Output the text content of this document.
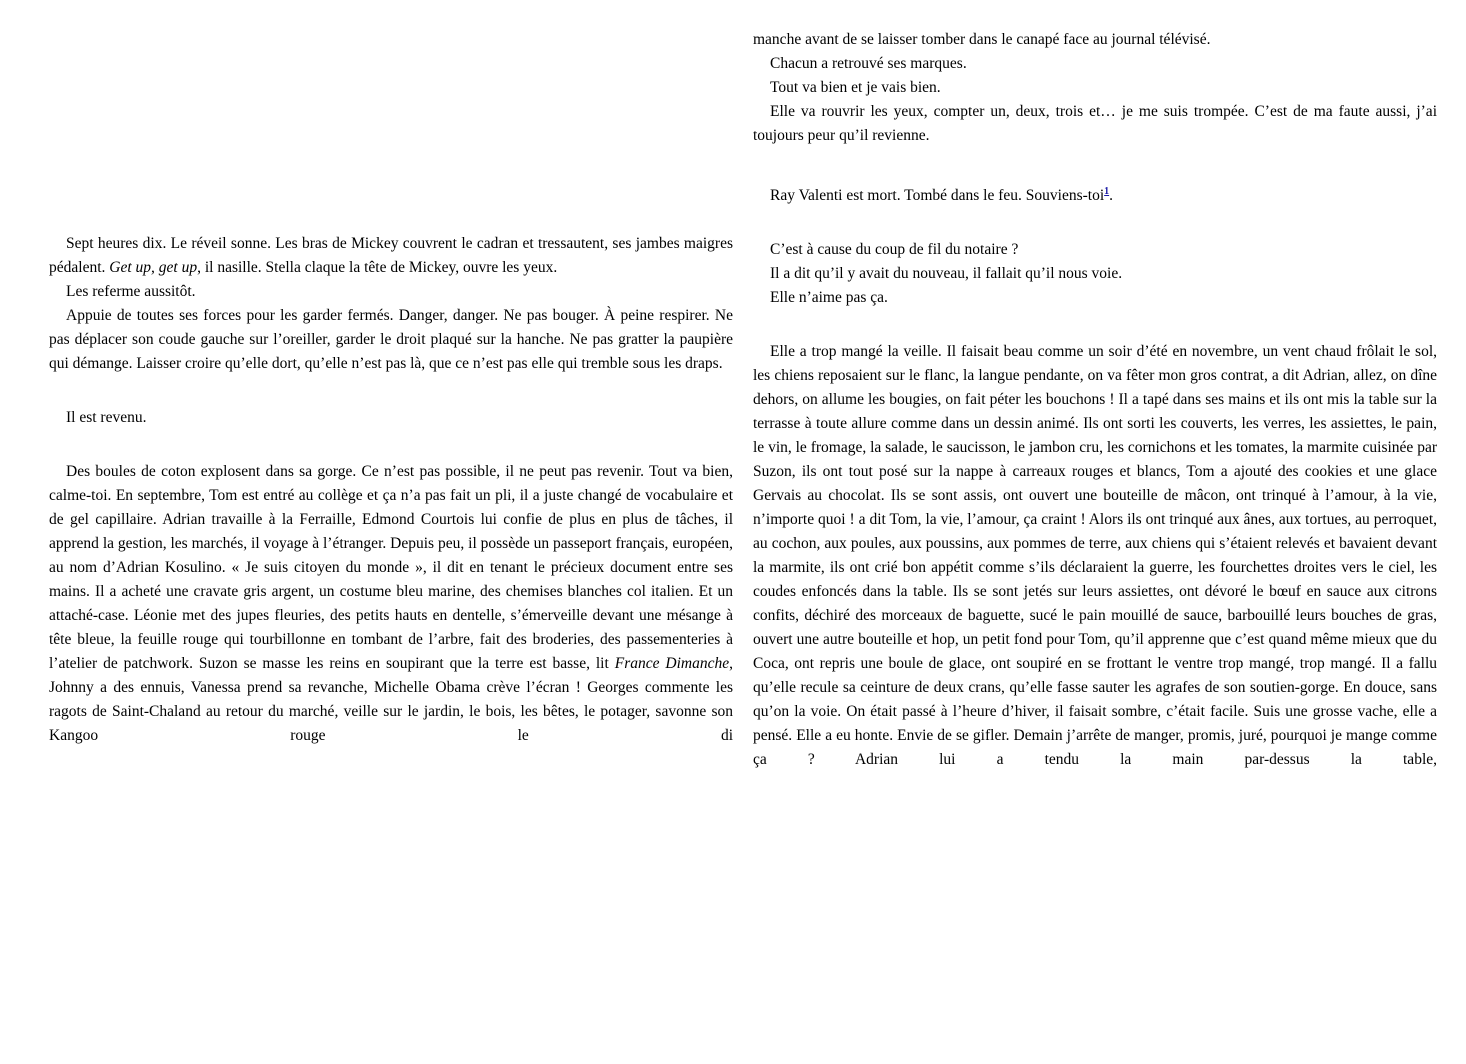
Sept heures dix. Le réveil sonne. Les bras de Mickey couvrent le cadran et tressautent, ses jambes maigres pédalent. Get up, get up, il nasille. Stella claque la tête de Mickey, ouvre les yeux.

Les referme aussitôt.

Appuie de toutes ses forces pour les garder fermés. Danger, danger. Ne pas bouger. À peine respirer. Ne pas déplacer son coude gauche sur l’oreiller, garder le droit plaqué sur la hanche. Ne pas gratter la paupière qui démange. Laisser croire qu’elle dort, qu’elle n’est pas là, que ce n’est pas elle qui tremble sous les draps.

Il est revenu.

Des boules de coton explosent dans sa gorge. Ce n’est pas possible, il ne peut pas revenir. Tout va bien, calme-toi. En septembre, Tom est entré au collège et ça n’a pas fait un pli, il a juste changé de vocabulaire et de gel capillaire. Adrian travaille à la Ferraille, Edmond Courtois lui confie de plus en plus de tâches, il apprend la gestion, les marchés, il voyage à l’étranger. Depuis peu, il possède un passeport français, européen, au nom d’Adrian Kosulino. « Je suis citoyen du monde », il dit en tenant le précieux document entre ses mains. Il a acheté une cravate gris argent, un costume bleu marine, des chemises blanches col italien. Et un attaché-case. Léonie met des jupes fleuries, des petits hauts en dentelle, s’émerveille devant une mésange à tête bleue, la feuille rouge qui tourbillonne en tombant de l’arbre, fait des broderies, des passementeries à l’atelier de patchwork. Suzon se masse les reins en soupirant que la terre est basse, lit France Dimanche, Johnny a des ennuis, Vanessa prend sa revanche, Michelle Obama crève l’écran ! Georges commente les ragots de Saint-Chaland au retour du marché, veille sur le jardin, le bois, les bêtes, le potager, savonne son Kangoo rouge le di

manche avant de se laisser tomber dans le canapé face au journal télévisé.

Chacun a retrouvé ses marques.

Tout va bien et je vais bien.

Elle va rouvrir les yeux, compter un, deux, trois et… je me suis trompée. C’est de ma faute aussi, j’ai toujours peur qu’il revienne.

Ray Valenti est mort. Tombé dans le feu. Souviens-toi$^1$.

C’est à cause du coup de fil du notaire ?

Il a dit qu’il y avait du nouveau, il fallait qu’il nous voie.

Elle n’aime pas ça.

Elle a trop mangé la veille. Il faisait beau comme un soir d’été en novembre, un vent chaud frôlait le sol, les chiens reposaient sur le flanc, la langue pendante, on va fêter mon gros contrat, a dit Adrian, allez, on dîne dehors, on allume les bougies, on fait péter les bouchons ! Il a tapé dans ses mains et ils ont mis la table sur la terrasse à toute allure comme dans un dessin animé. Ils ont sorti les couverts, les verres, les assiettes, le pain, le vin, le fromage, la salade, le saucisson, le jambon cru, les cornichons et les tomates, la marmite cuisinée par Suzon, ils ont tout posé sur la nappe à carreaux rouges et blancs, Tom a ajouté des cookies et une glace Gervais au chocolat. Ils se sont assis, ont ouvert une bouteille de mâcon, ont trinqué à l’amour, à la vie, n’importe quoi ! a dit Tom, la vie, l’amour, ça craint ! Alors ils ont trinqué aux ânes, aux tortues, au perroquet, au cochon, aux poules, aux poussins, aux pommes de terre, aux chiens qui s’étaient relevés et bavaient devant la marmite, ils ont crié bon appétit comme s’ils déclaraient la guerre, les fourchettes droites vers le ciel, les coudes enfoncés dans la table. Ils se sont jetés sur leurs assiettes, ont dévoré le bœuf en sauce aux citrons confits, déchiré des morceaux de baguette, sucé le pain mouillé de sauce, barbouillé leurs bouches de gras, ouvert une autre bouteille et hop, un petit fond pour Tom, qu’il apprenne que c’est quand même mieux que du Coca, ont repris une boule de glace, ont soupiré en se frottant le ventre trop mangé, trop mangé. Il a fallu qu’elle recule sa ceinture de deux crans, qu’elle fasse sauter les agrafes de son soutien-gorge. En douce, sans qu’on la voie. On était passé à l’heure d’hiver, il faisait sombre, c’était facile. Suis une grosse vache, elle a pensé. Elle a eu honte. Envie de se gifler. Demain j’arrête de manger, promis, juré, pourquoi je mange comme ça ? Adrian lui a tendu la main par-dessus la table,
